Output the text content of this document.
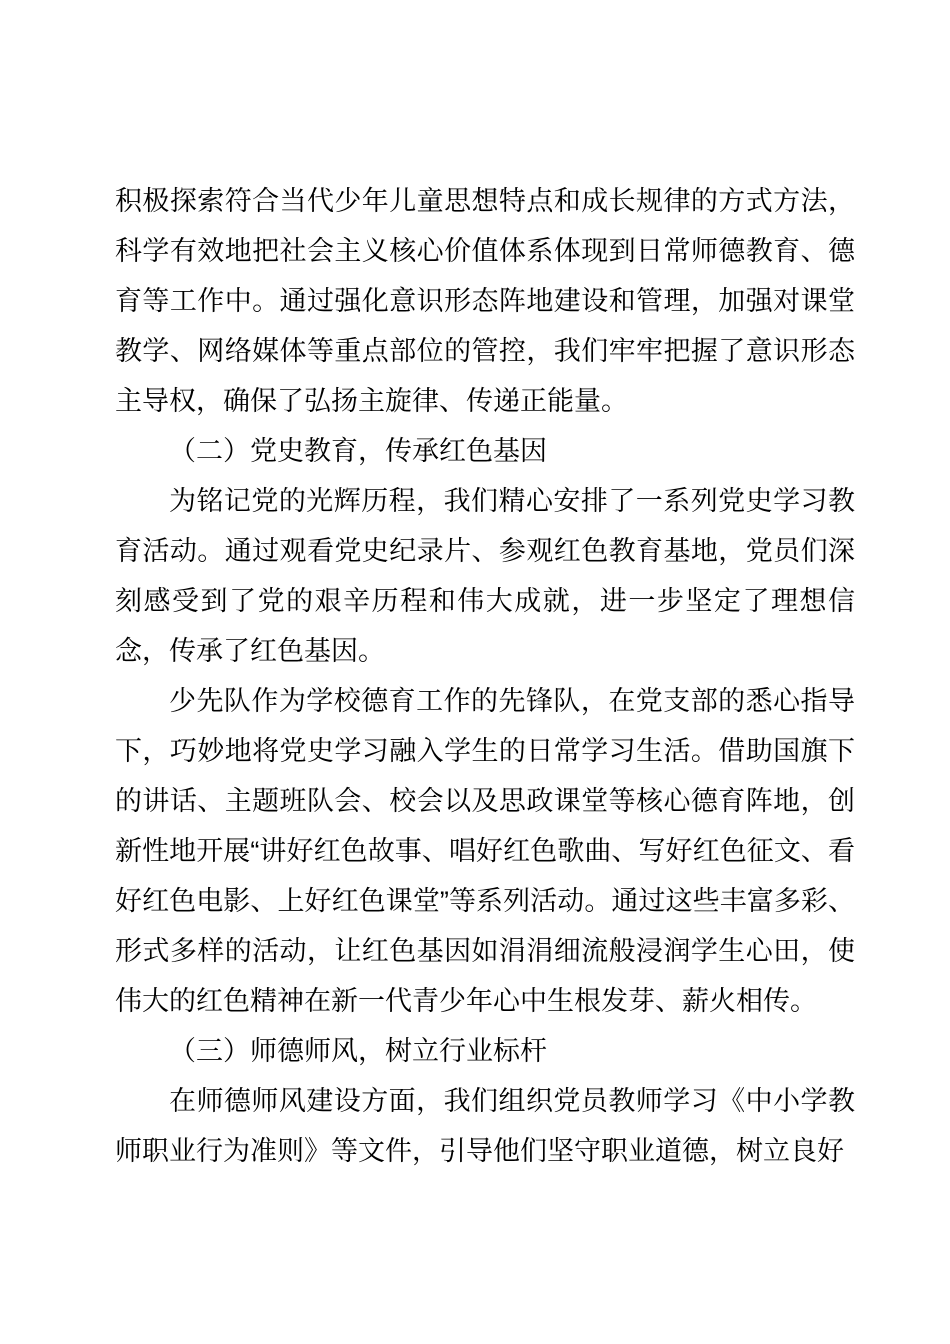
积极探索符合当代少年儿童思想特点和成长规律的方式方法，科学有效地把社会主义核心价值体系体现到日常师德教育、德育等工作中。通过强化意识形态阵地建设和管理，加强对课堂教学、网络媒体等重点部位的管控，我们牢牢把握了意识形态主导权，确保了弘扬主旋律、传递正能量。

（二）党史教育，传承红色基因

为铭记党的光辉历程，我们精心安排了一系列党史学习教育活动。通过观看党史纪录片、参观红色教育基地，党员们深刻感受到了党的艰辛历程和伟大成就，进一步坚定了理想信念，传承了红色基因。

少先队作为学校德育工作的先锋队，在党支部的悉心指导下，巧妙地将党史学习融入学生的日常学习生活。借助国旗下的讲话、主题班队会、校会以及思政课堂等核心德育阵地，创新性地开展“讲好红色故事、唱好红色歌曲、写好红色征文、看好红色电影、上好红色课堂”等系列活动。通过这些丰富多彩、形式多样的活动，让红色基因如涓涓细流般浸润学生心田，使伟大的红色精神在新一代青少年心中生根发芽、薪火相传。

（三）师德师风，树立行业标杆

在师德师风建设方面，我们组织党员教师学习《中小学教师职业行为准则》等文件，引导他们坚守职业道德，树立良好
